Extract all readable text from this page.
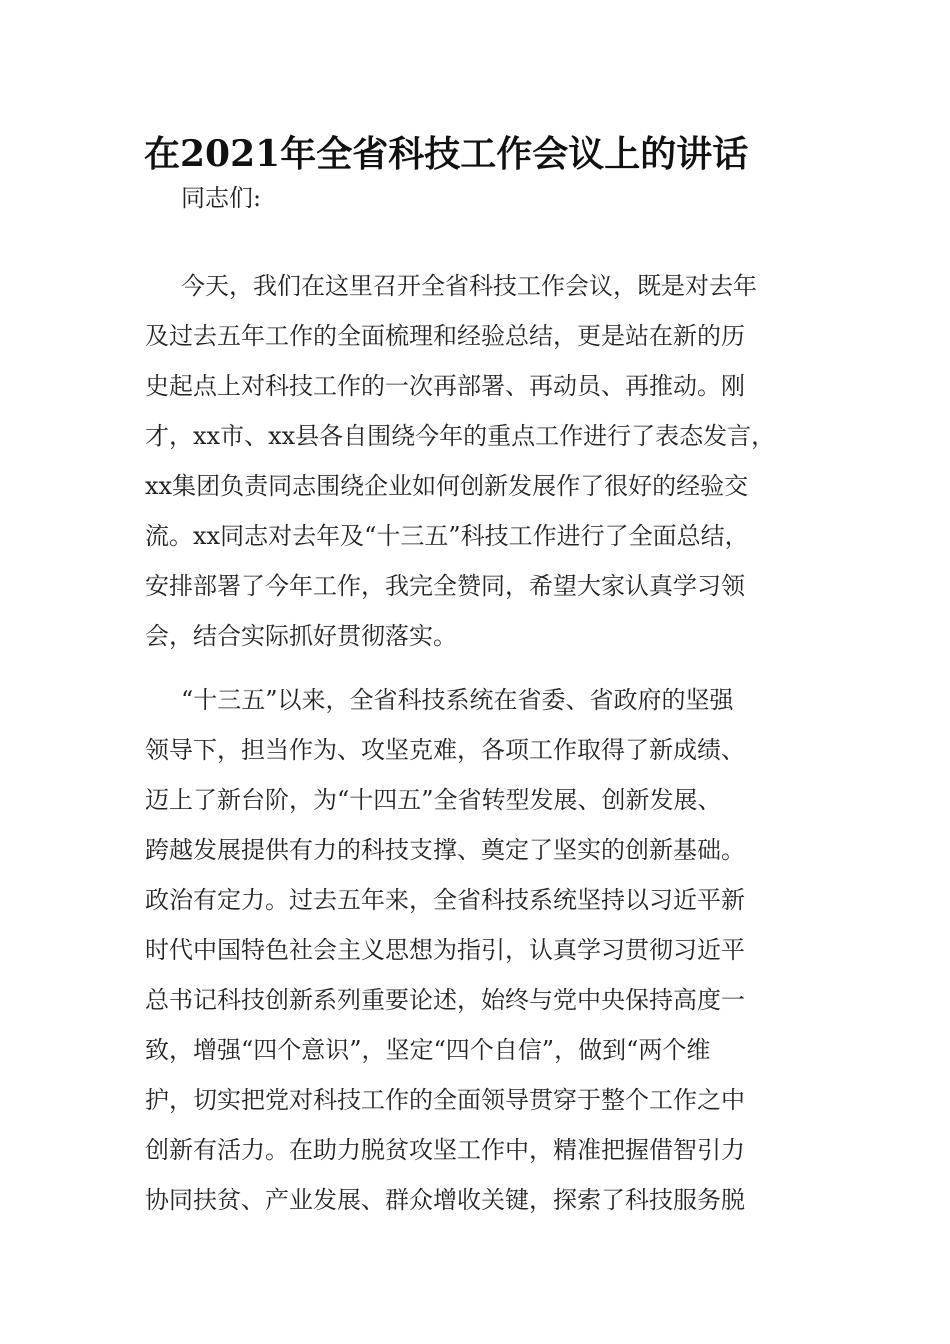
在2021年全省科技工作会议上的讲话

同志们:

今天，我们在这里召开全省科技工作会议，既是对去年

及过去五年工作的全面梳理和经验总结，更是站在新的历

史起点上对科技工作的一次再部署、再动员、再推动。刚

才，xx市、xx县各自围绕今年的重点工作进行了表态发言，

xx集团负责同志围绕企业如何创新发展作了很好的经验交

流。xx同志对去年及“十三五”科技工作进行了全面总结，

安排部署了今年工作，我完全赞同，希望大家认真学习领

会，结合实际抓好贯彻落实。

“十三五”以来，全省科技系统在省委、省政府的坚强

领导下，担当作为、攻坚克难，各项工作取得了新成绩、

迈上了新台阶，为“十四五”全省转型发展、创新发展、

跨越发展提供有力的科技支撑、奠定了坚实的创新基础。

政治有定力。过去五年来，全省科技系统坚持以习近平新

时代中国特色社会主义思想为指引，认真学习贯彻习近平

总书记科技创新系列重要论述，始终与党中央保持高度一

致，增强“四个意识”，坚定“四个自信”，做到“两个维

护，切实把党对科技工作的全面领导贯穿于整个工作之中

创新有活力。在助力脱贫攻坚工作中，精准把握借智引力

协同扶贫、产业发展、群众增收关键，探索了科技服务脱
